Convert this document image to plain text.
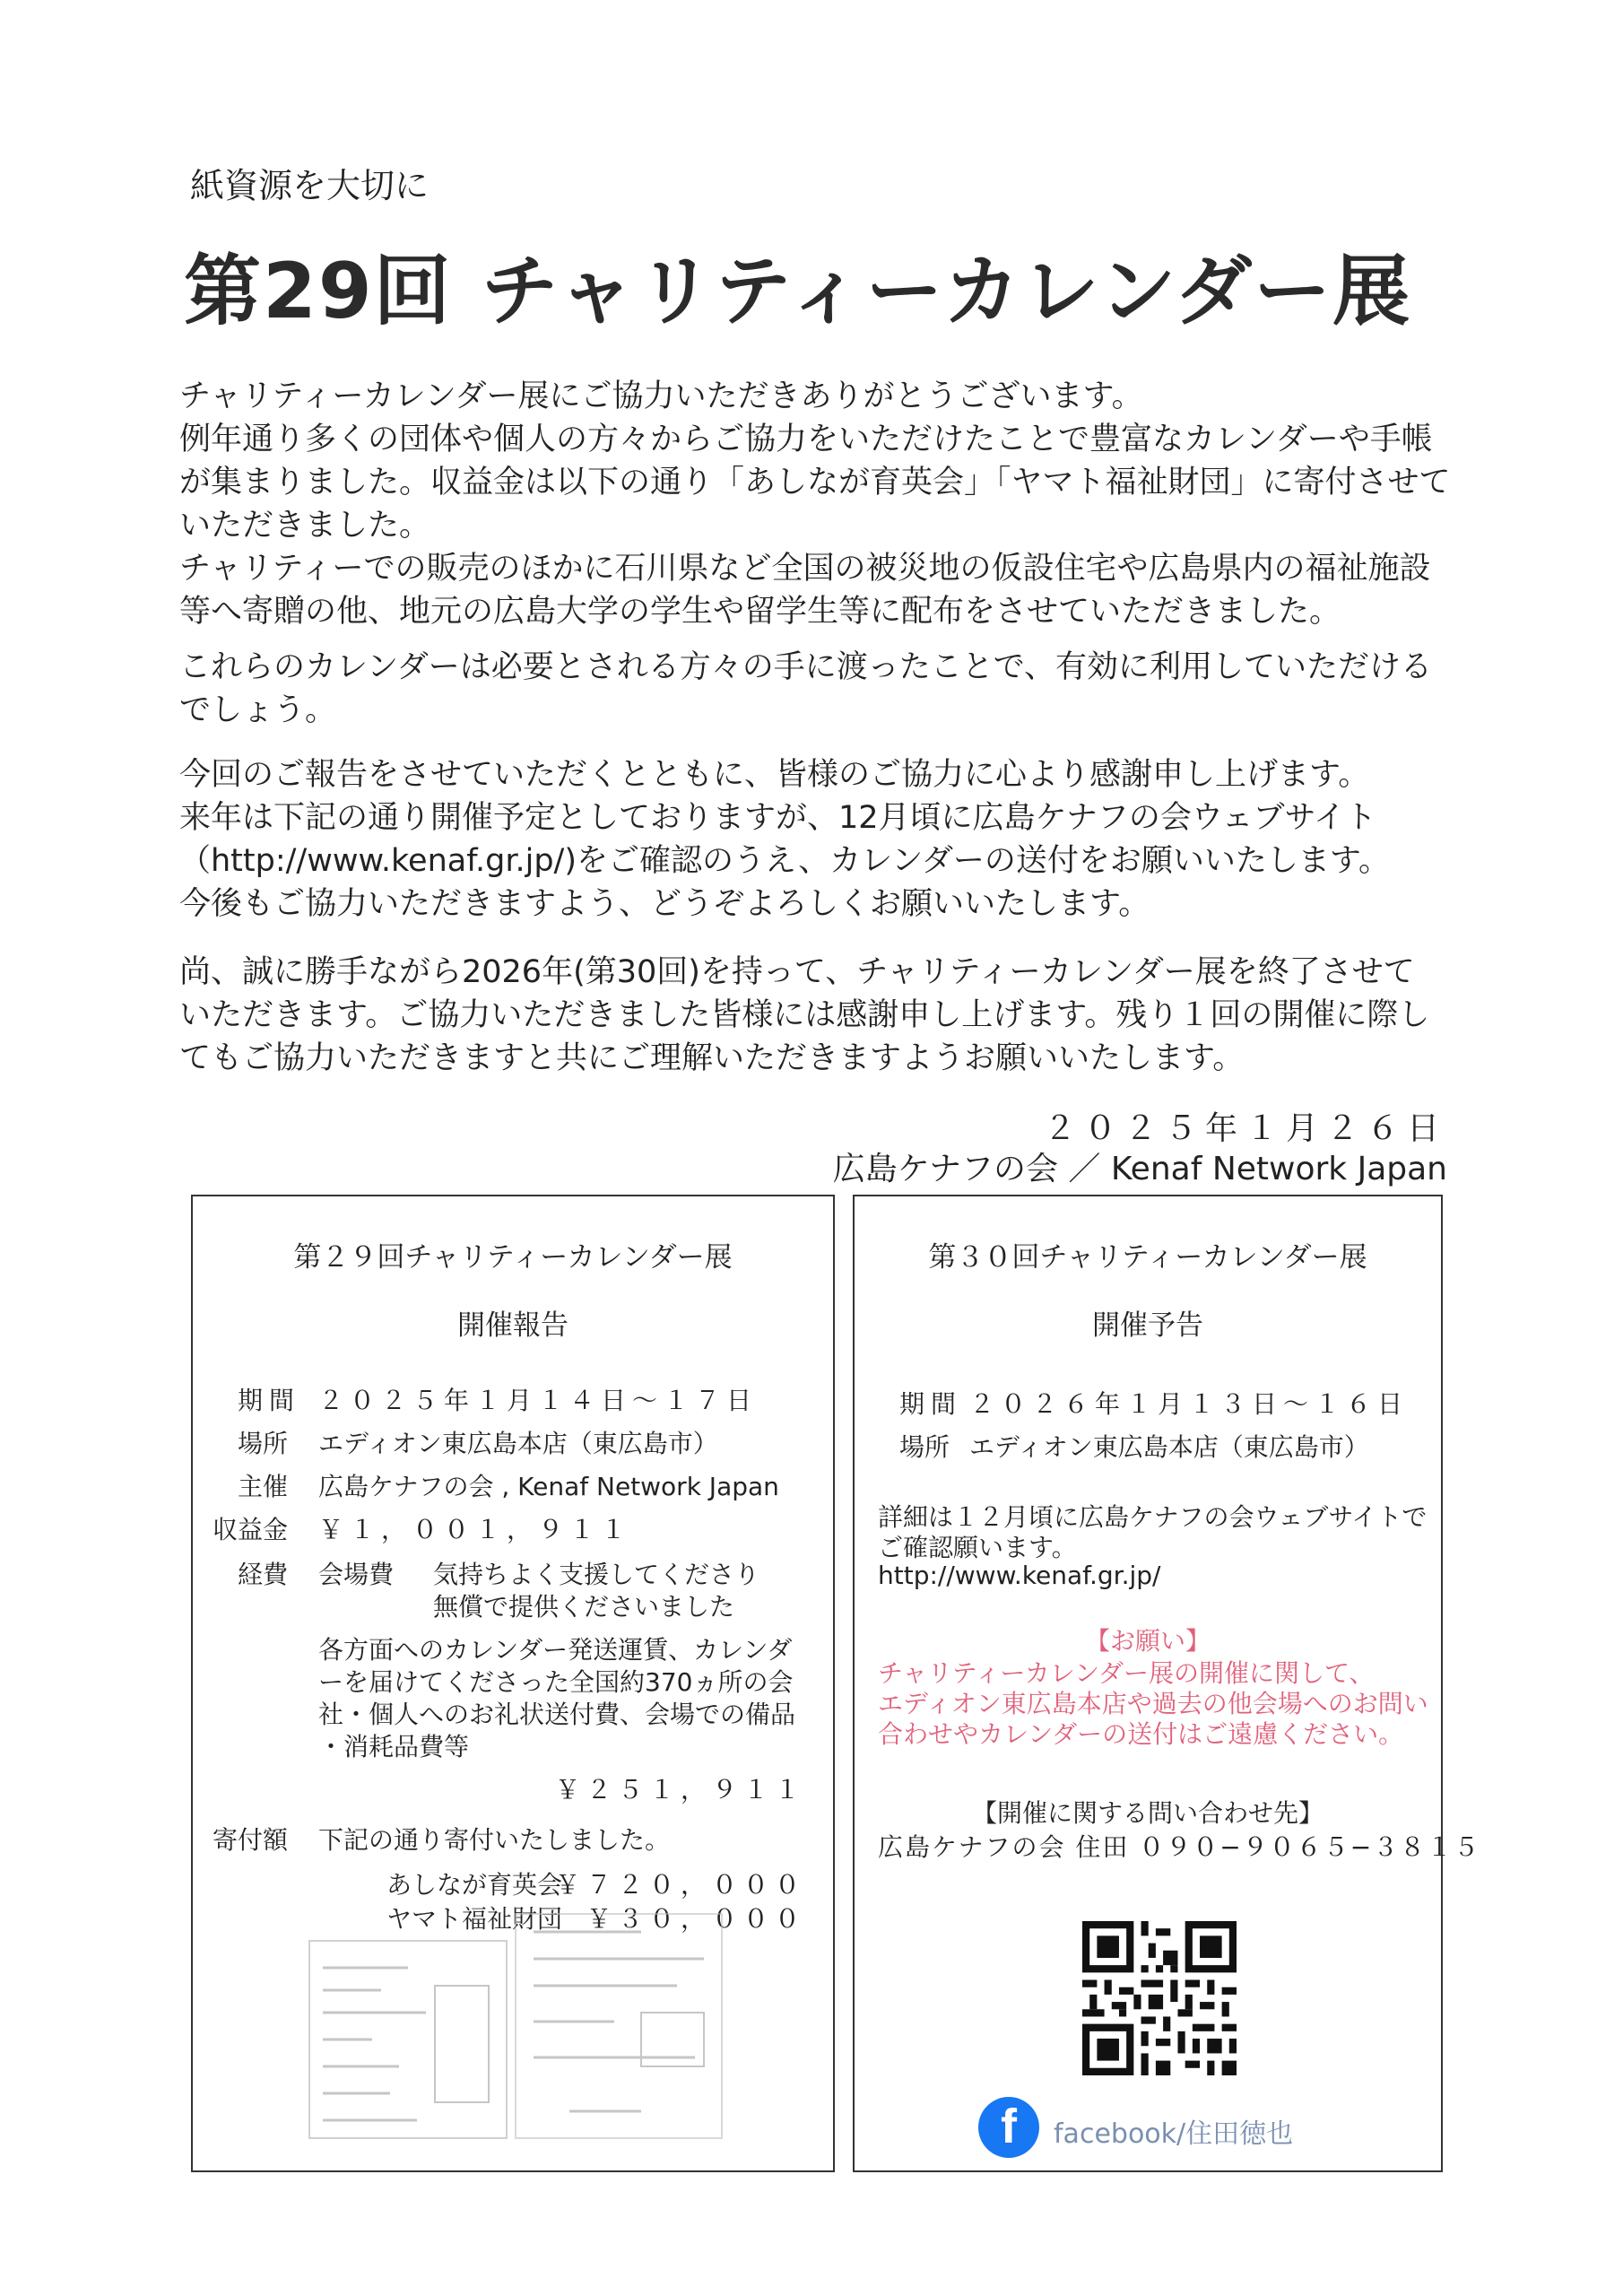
紙資源を大切に
第29回 チャリティーカレンダー展
チャリティーカレンダー展にご協力いただきありがとうございます。
例年通り多くの団体や個人の方々からご協力をいただけたことで豊富なカレンダーや手帳
が集まりました。収益金は以下の通り「あしなが育英会」「ヤマト福祉財団」に寄付させて
いただきました。
チャリティーでの販売のほかに石川県など全国の被災地の仮設住宅や広島県内の福祉施設
等へ寄贈の他、地元の広島大学の学生や留学生等に配布をさせていただきました。
これらのカレンダーは必要とされる方々の手に渡ったことで、有効に利用していただける
でしょう。
今回のご報告をさせていただくとともに、皆様のご協力に心より感謝申し上げます。
来年は下記の通り開催予定としておりますが、12月頃に広島ケナフの会ウェブサイト
（http://www.kenaf.gr.jp/)をご確認のうえ、カレンダーの送付をお願いいたします。
今後もご協力いただきますよう、どうぞよろしくお願いいたします。
尚、誠に勝手ながら2026年(第30回)を持って、チャリティーカレンダー展を終了させて
いただきます。ご協力いただきました皆様には感謝申し上げます。残り１回の開催に際し
てもご協力いただきますと共にご理解いただきますようお願いいたします。
２０２５年１月２６日
広島ケナフの会 ／ Kenaf Network Japan
第２９回チャリティーカレンダー展
開催報告
期間 ２０２５年１月１４日～１７日
場所 エディオン東広島本店（東広島市）
主催 広島ケナフの会 , Kenaf Network Japan
収益金 ￥１，００１，９１１
経費 会場費 気持ちよく支援してくださり
無償で提供くださいました
各方面へのカレンダー発送運賃、カレンダ
ーを届けてくださった全国約370ヵ所の会
社・個人へのお礼状送付費、会場での備品
・消耗品費等
￥２５１，９１１
寄付額 下記の通り寄付いたしました。
あしなが育英会
￥７２０，０００
ヤマト福祉財団 ￥３０，０００
第３０回チャリティーカレンダー展
開催予告
期間 ２０２６年１月１３日～１６日
場所 エディオン東広島本店（東広島市）
詳細は１２月頃に広島ケナフの会ウェブサイトで
ご確認願います。
http://www.kenaf.gr.jp/
【お願い】
チャリティーカレンダー展の開催に関して、
エディオン東広島本店や過去の他会場へのお問い
合わせやカレンダーの送付はご遠慮ください。
【開催に関する問い合わせ先】
広島ケナフの会 住田 ０９０−９０６５−３８１５
f	facebook/住田徳也
